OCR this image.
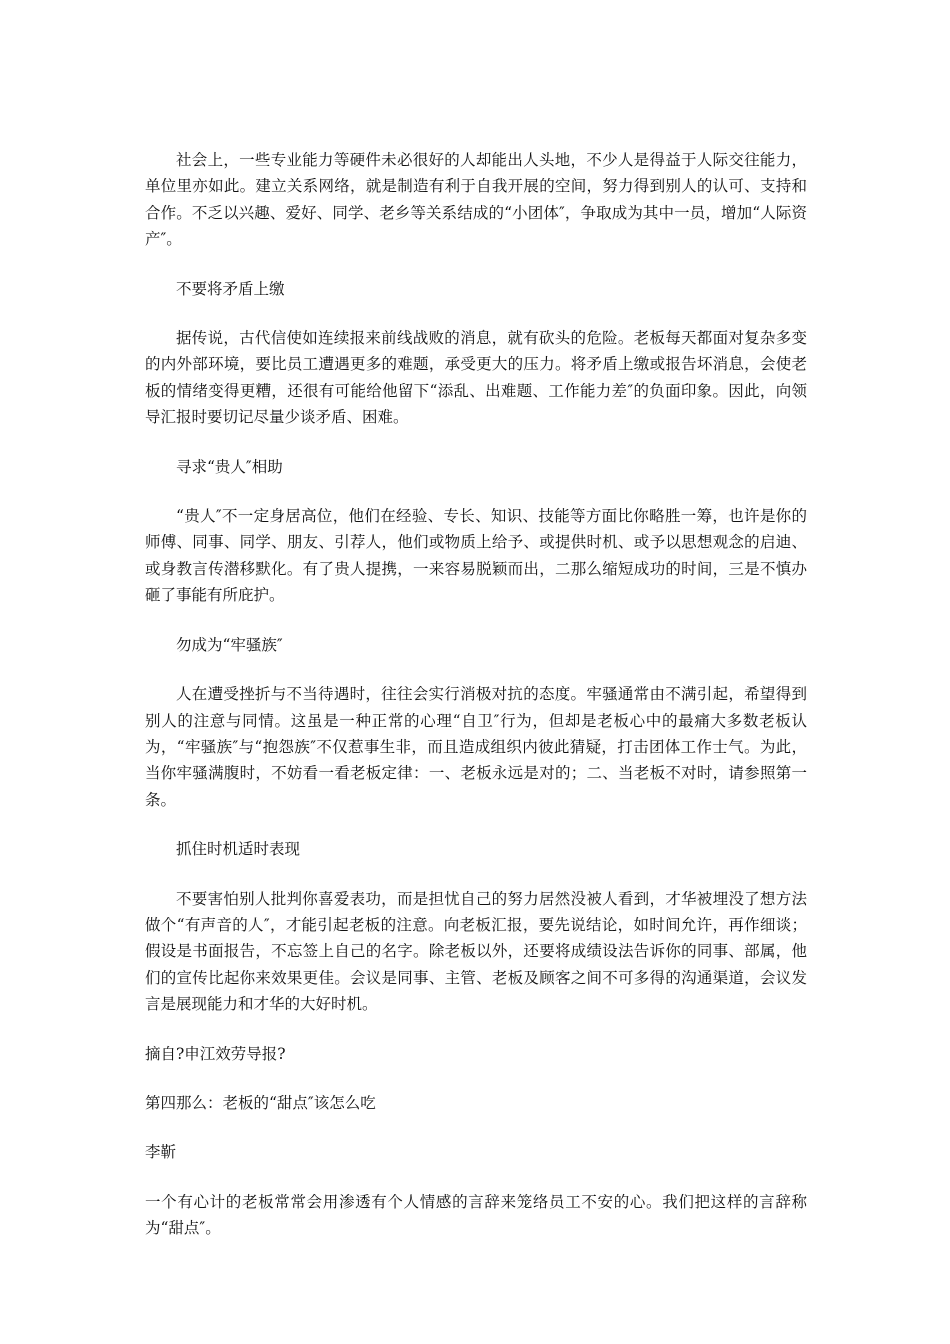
社会上，一些专业能力等硬件未必很好的人却能出人头地，不少人是得益于人际交往能力，单位里亦如此。建立关系网络，就是制造有利于自我开展的空间，努力得到别人的认可、支持和合作。不乏以兴趣、爱好、同学、老乡等关系结成的“小团体″，争取成为其中一员，增加“人际资产″。

不要将矛盾上缴

据传说，古代信使如连续报来前线战败的消息，就有砍头的危险。老板每天都面对复杂多变的内外部环境，要比员工遭遇更多的难题，承受更大的压力。将矛盾上缴或报告坏消息，会使老板的情绪变得更糟，还很有可能给他留下“添乱、出难题、工作能力差″的负面印象。因此，向领导汇报时要切记尽量少谈矛盾、困难。

寻求“贵人″相助

“贵人″不一定身居高位，他们在经验、专长、知识、技能等方面比你略胜一筹，也许是你的师傅、同事、同学、朋友、引荐人，他们或物质上给予、或提供时机、或予以思想观念的启迪、或身教言传潜移默化。有了贵人提携，一来容易脱颖而出，二那么缩短成功的时间，三是不慎办砸了事能有所庇护。

勿成为“牢骚族″

人在遭受挫折与不当待遇时，往往会实行消极对抗的态度。牢骚通常由不满引起，希望得到别人的注意与同情。这虽是一种正常的心理“自卫″行为，但却是老板心中的最痛大多数老板认为，“牢骚族″与“抱怨族″不仅惹事生非，而且造成组织内彼此猜疑，打击团体工作士气。为此，当你牢骚满腹时，不妨看一看老板定律：一、老板永远是对的；二、当老板不对时，请参照第一条。

抓住时机适时表现

不要害怕别人批判你喜爱表功，而是担忧自己的努力居然没被人看到，才华被埋没了想方法做个“有声音的人″，才能引起老板的注意。向老板汇报，要先说结论，如时间允许，再作细谈；假设是书面报告，不忘签上自己的名字。除老板以外，还要将成绩设法告诉你的同事、部属，他们的宣传比起你来效果更佳。会议是同事、主管、老板及顾客之间不可多得的沟通渠道，会议发言是展现能力和才华的大好时机。

摘自?申江效劳导报?

第四那么：老板的“甜点″该怎么吃

李靳

一个有心计的老板常常会用渗透有个人情感的言辞来笼络员工不安的心。我们把这样的言辞称为“甜点″。
